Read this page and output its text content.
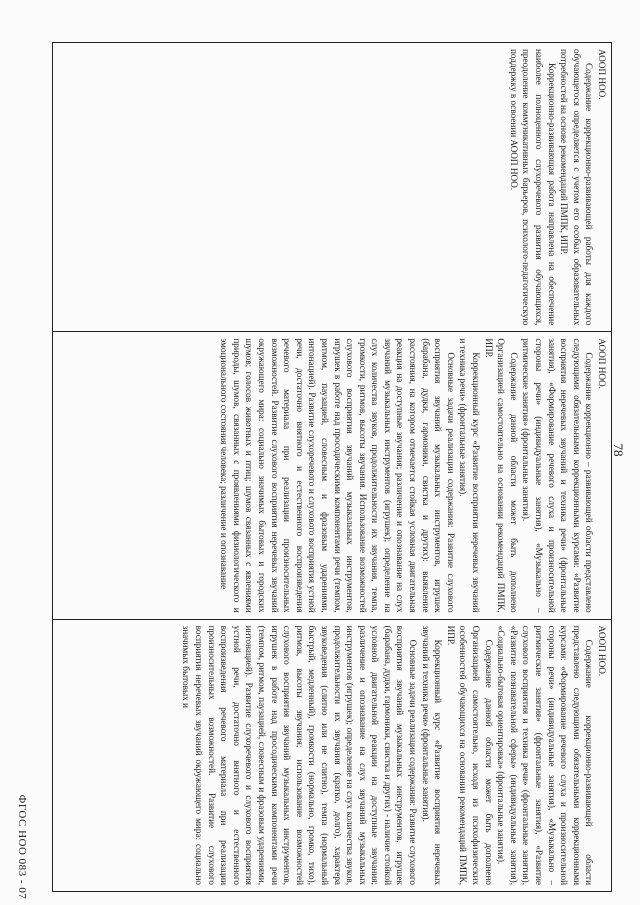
78

АООП НОО.

Содержание коррекционно-развивающей работы для каждого обучающегося определяется с учетом его особых образовательных потребностей на основе рекомендаций ПМПК, ИПР.

Коррекционно-развивающая работа направлена на обеспечение наиболее полноценного слухоречевого развития обучающихся, преодоление коммуникативных барьеров, психолого-педагогическую поддержку в освоении АООП НОО.

АООП НОО.

Содержание коррекционно – развивающей области представлено следующими обязательными коррекционными курсами: «Развитие восприятия неречевых звучаний и техника речи» (фронтальные занятия), «Формирование речевого слуха и произносительной стороны речи» (индивидуальные занятия), «Музыкально – ритмические занятия» (фронтальные занятия).

Содержание данной области может быть дополнено Организацией самостоятельно на основании рекомендаций ПМПК, ИПР.

Коррекционный курс «Развитие восприятия неречевых звучаний и техника речи» (фронтальные занятия).

Основные задачи реализации содержания: Развитие слухового восприятия звучаний музыкальных инструментов, игрушек (барабана, дудки, гармоники, свистка и других): выявление расстояния, на котором отмечается стойкая условная двигательная реакция на доступные звучания; различение и опознавание на слух звучаний музыкальных инструментов (игрушек); определение на слух количества звуков, продолжительности их звучания, темпа, громкости, ритмов, высоты звучания. Использование возможностей слухового восприятия звучаний музыкальных инструментов, игрушек в работе над просодическими компонентами речи (темпом, ритмом, паузацией, словесным и фразовым ударениями, интонацией). Развитие слухоречевого и слухового восприятия устной речи, достаточно внятного и естественного воспроизведения речевого материала при реализации произносительных возможностей. Развитие слухового восприятия неречевых звучаний окружающего мира: социально значимых бытовых и городских шумов; голосов животных и птиц; шумов связанных с явлениями природы, шумов, связанных с проявлениями физиологического и эмоционального состояния человека; различение и опознавание

АООП НОО.

Содержание коррекционно-развивающей области представлено следующими обязательными коррекционными курсами: «Формирование речевого слуха и произносительной стороны речи» (индивидуальные занятия), «Музыкально – ритмические занятия» (фронтальные занятия), «Развитие слухового восприятия и техника речи» (фронтальные занятия), «Развитие познавательной сферы» (индивидуальные занятия), «Социально-бытовая ориентировка» (фронтальные занятия).

Содержание данной области может быть дополнено Организацией самостоятельно, исходя из психофизических особенностей обучающихся на основании рекомендаций ПМПК, ИПР.

Коррекционный курс «Развитие восприятия неречевых звучаний и техника речи» (фронтальные занятия).

Основные задачи реализации содержания: Развитие слухового восприятия звучаний музыкальных инструментов, игрушек (барабана, дудки, гармоники, свистка и других) - наличие стойкой условной двигательной реакции на доступные звучания; различение и опознавание на слух звучаний музыкальных инструментов (игрушек); определение на слух количества звуков, продолжительности их звучания (кратко, долго), характера звуковедения (слитно или не слитно), темпа (нормальный быстрый, медленный), громкости (нормально, громко, тихо), ритмов, высоты звучания; использование возможностей слухового восприятия звучаний музыкальных инструментов, игрушек в работе над просодическими компонентами речи (темпом, ритмом, паузацией, словесным и фразовым ударениями, интонацией). Развитие слухоречевого и слухового восприятия устной речи, достаточно внятного и естественного воспроизведения речевого материала при реализации произносительных возможностей. Развитие слухового восприятия неречевых звучаний окружающего мира: социально значимых бытовых и

ФГОС НОО 083 - 07
